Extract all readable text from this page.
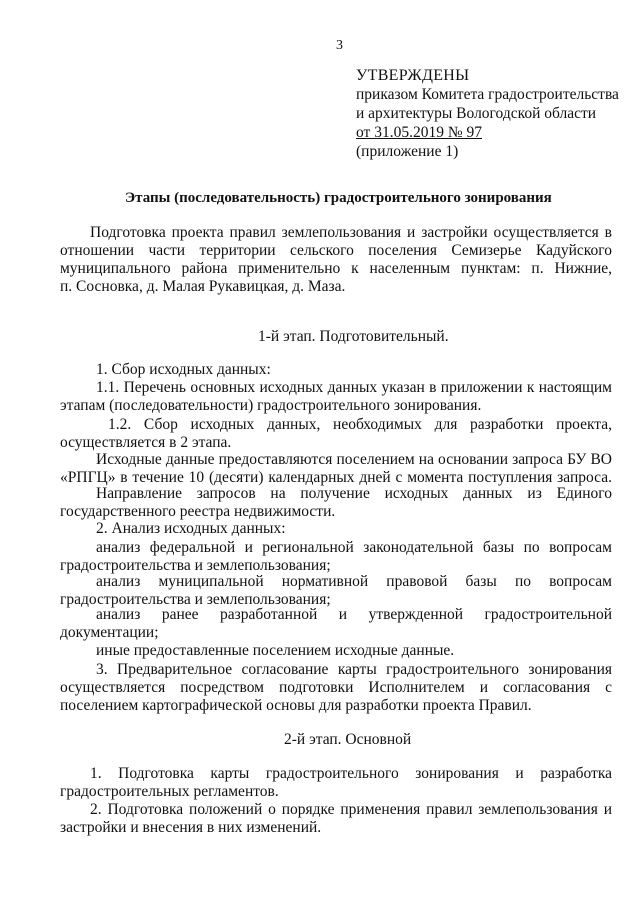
3
УТВЕРЖДЕНЫ
приказом Комитета градостроительства
и архитектуры Вологодской области
от 31.05.2019 № 97
(приложение 1)
Этапы (последовательность) градостроительного зонирования
Подготовка проекта правил землепользования и застройки осуществляется в
отношении части территории сельского поселения Семизерье Кадуйского
муниципального района применительно к населенным пунктам: п. Нижние,
п. Сосновка, д. Малая Рукавицкая, д. Маза.
1-й этап. Подготовительный.
1. Сбор исходных данных:
1.1. Перечень основных исходных данных указан в приложении к настоящим
этапам (последовательности) градостроительного зонирования.
1.2. Сбор исходных данных, необходимых для разработки проекта,
осуществляется в 2 этапа.
Исходные данные предоставляются поселением на основании запроса БУ ВО
«РПГЦ» в течение 10 (десяти) календарных дней с момента поступления запроса.
Направление запросов на получение исходных данных из Единого
государственного реестра недвижимости.
2. Анализ исходных данных:
анализ федеральной и региональной законодательной базы по вопросам
градостроительства и землепользования;
анализ муниципальной нормативной правовой базы по вопросам
градостроительства и землепользования;
анализ ранее разработанной и утвержденной градостроительной
документации;
иные предоставленные поселением исходные данные.
3. Предварительное согласование карты градостроительного зонирования
осуществляется посредством подготовки Исполнителем и согласования с
поселением картографической основы для разработки проекта Правил.
2-й этап. Основной
1. Подготовка карты градостроительного зонирования и разработка
градостроительных регламентов.
2. Подготовка положений о порядке применения правил землепользования и
застройки и внесения в них изменений.
